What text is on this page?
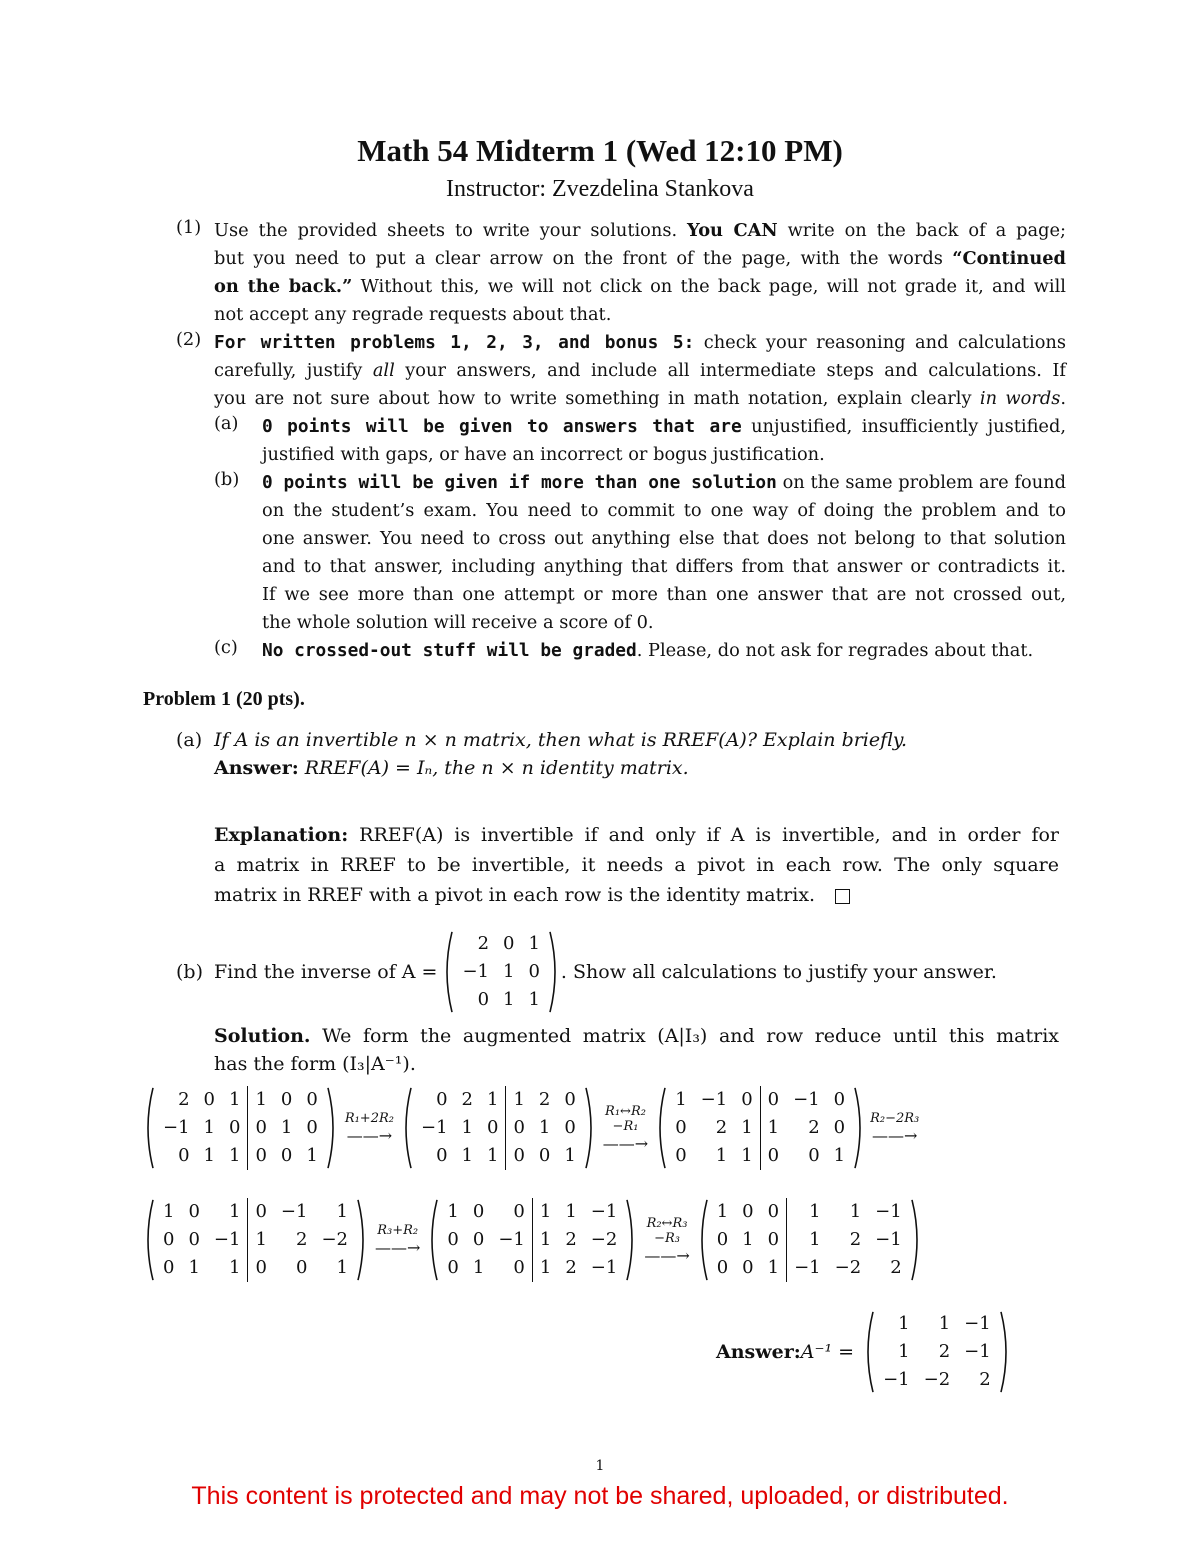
Math 54 Midterm 1 (Wed 12:10 PM)
Instructor: Zvezdelina Stankova
(1) Use the provided sheets to write your solutions. You CAN write on the back of a page;
but you need to put a clear arrow on the front of the page, with the words “Continued
on the back.” Without this, we will not click on the back page, will not grade it, and will
not accept any regrade requests about that.
(2) For written problems 1, 2, 3, and bonus 5: check your reasoning and calculations
carefully, justify all your answers, and include all intermediate steps and calculations. If
you are not sure about how to write something in math notation, explain clearly in words.
(a)	0 points will be given to answers that are unjustified, insufficiently justified,
justified with gaps, or have an incorrect or bogus justification.
(b)	0 points will be given if more than one solution on the same problem are found
on the student’s exam. You need to commit to one way of doing the problem and to
one answer. You need to cross out anything else that does not belong to that solution
and to that answer, including anything that differs from that answer or contradicts it.
If we see more than one attempt or more than one answer that are not crossed out,
the whole solution will receive a score of 0.
(c)	No crossed-out stuff will be graded. Please, do not ask for regrades about that.
Problem 1 (20 pts).
(a) If A is an invertible n × n matrix, then what is RREF(A)? Explain briefly.
Answer: RREF(A) = Iₙ, the n × n identity matrix.
Explanation: RREF(A) is invertible if and only if A is invertible, and in order for
a matrix in RREF to be invertible, it needs a pivot in each row. The only square
matrix in RREF with a pivot in each row is the identity matrix.
(b) Find the inverse of A =
2 0 1
−1 1 0
0 1 1
. Show all calculations to justify your answer.
Solution. We form the augmented matrix (A|I₃) and row reduce until this matrix
has the form (I₃|A⁻¹).
2 0 1 1 0 0
−1 1 0 0 1 0
0 1 1 0 0 1
R₁+2R₂
——→
0 2 1 1 2 0
−1 1 0 0 1 0
0 1 1 0 0 1
R₁↔R₂
−R₁
——→
1 −1 0 0 −1 0
0	2 1 1	2 0
0	1 1 0	0 1
R₂−2R₃
——→
1 0	1 0 −1	1
0 0 −1 1	2 −2
0 1	1 0	0	1
R₃+R₂
——→
1 0	0 1 1 −1
0 0 −1 1 2 −2
0 1	0 1 2 −1
R₂↔R₃
−R₃
——→
1 0 0	1	1 −1
0 1 0	1	2 −1
0 0 1 −1 −2	2
Answer: A⁻¹ =
1	1 −1
1	2 −1
−1 −2	2
1
This content is protected and may not be shared, uploaded, or distributed.
